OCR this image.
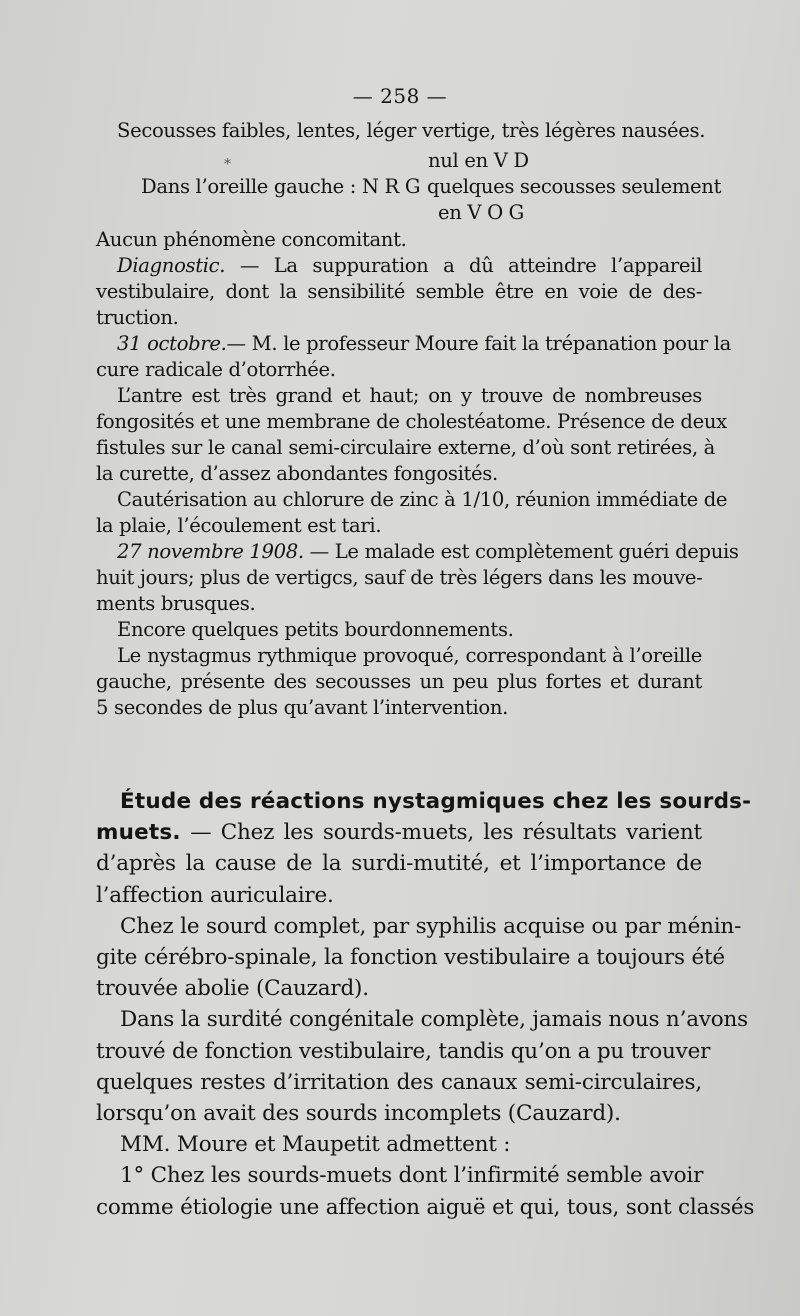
— 258 —
Secousses faibles, lentes, léger vertige, très légères nausées.
⁎	nul en V D
Dans l’oreille gauche : N R G quelques secousses seulement
en V O G
Aucun phénomène concomitant.
Diagnostic. — La suppuration a dû atteindre l’appareil
vestibulaire, dont la sensibilité semble être en voie de des-
truction.
31 octobre.— M. le professeur Moure fait la trépanation pour la
cure radicale d’otorrhée.
L’antre est très grand et haut; on y trouve de nombreuses
fongosités et une membrane de cholestéatome. Présence de deux
fistules sur le canal semi-circulaire externe, d’où sont retirées, à
la curette, d’assez abondantes fongosités.
Cautérisation au chlorure de zinc à 1/10, réunion immédiate de
la plaie, l’écoulement est tari.
27 novembre 1908. — Le malade est complètement guéri depuis
huit jours; plus de vertigcs, sauf de très légers dans les mouve-
ments brusques.
Encore quelques petits bourdonnements.
Le nystagmus rythmique provoqué, correspondant à l’oreille
gauche, présente des secousses un peu plus fortes et durant
5 secondes de plus qu’avant l’intervention.
Étude des réactions nystagmiques chez les sourds-
muets. — Chez les sourds-muets, les résultats varient
d’après la cause de la surdi-mutité, et l’importance de
l’affection auriculaire.
Chez le sourd complet, par syphilis acquise ou par ménin-
gite cérébro-spinale, la fonction vestibulaire a toujours été
trouvée abolie (Cauzard).
Dans la surdité congénitale complète, jamais nous n’avons
trouvé de fonction vestibulaire, tandis qu’on a pu trouver
quelques restes d’irritation des canaux semi-circulaires,
lorsqu’on avait des sourds incomplets (Cauzard).
MM. Moure et Maupetit admettent :
1° Chez les sourds-muets dont l’infirmité semble avoir
comme étiologie une affection aiguë et qui, tous, sont classés
